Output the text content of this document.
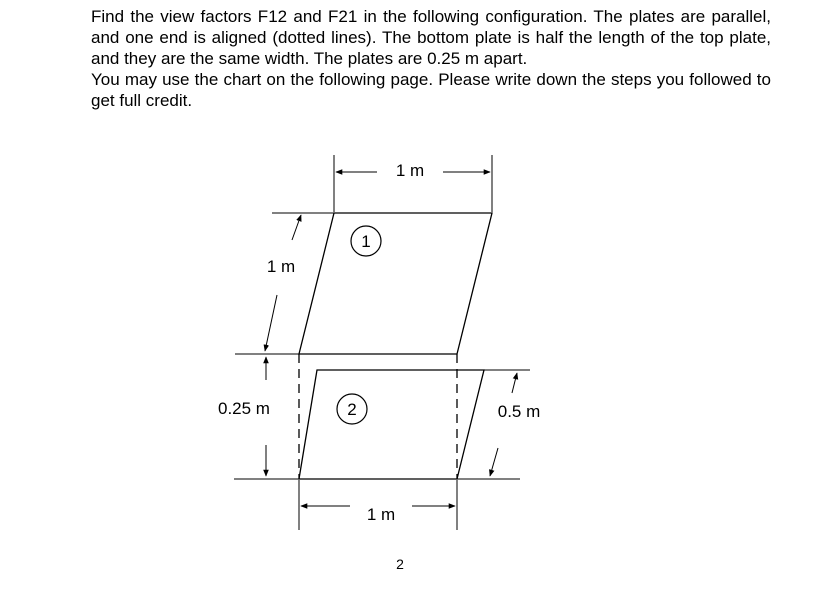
Find the view factors F12 and F21 in the following configuration. The plates are parallel, and one end is aligned (dotted lines). The bottom plate is half the length of the top plate, and they are the same width. The plates are 0.25 m apart.

You may use the chart on the following page. Please write down the steps you followed to get full credit.

1 m
1 m
1
2
0.25 m	0.5 m
1 m
2
